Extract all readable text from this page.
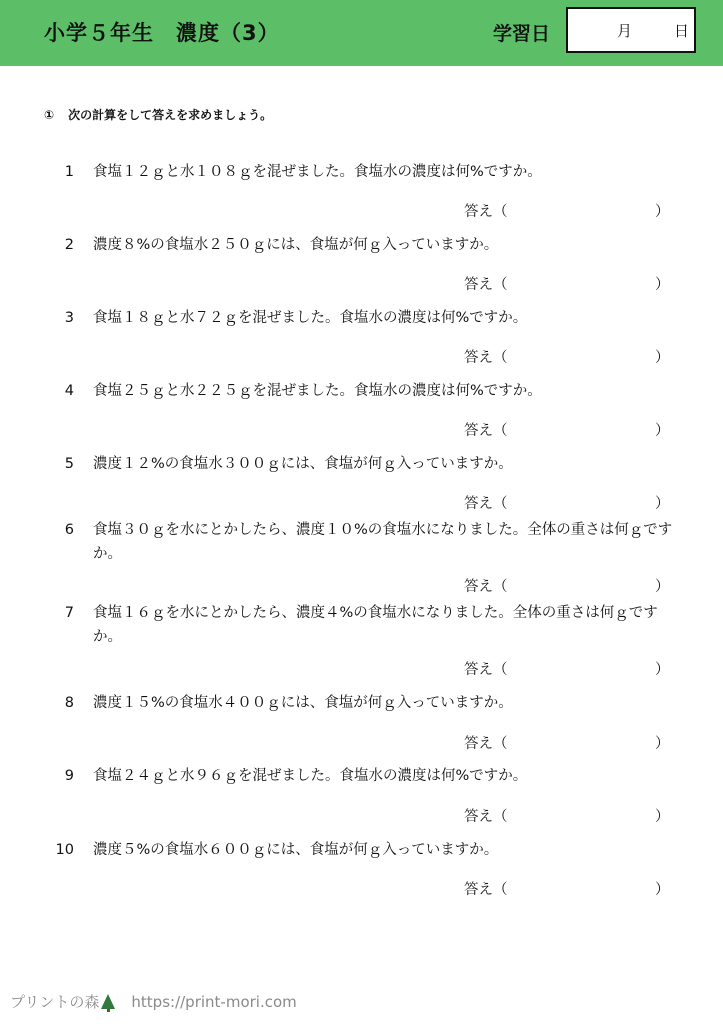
小学５年生　濃度（3）	学習日	月	日
① 次の計算をして答えを求めましょう。
1 食塩１２ｇと水１０８ｇを混ぜました。食塩水の濃度は何%ですか。
答え（	）
2 濃度８%の食塩水２５０ｇには、食塩が何ｇ入っていますか。
答え（	）
3 食塩１８ｇと水７２ｇを混ぜました。食塩水の濃度は何%ですか。
答え（	）
4 食塩２５ｇと水２２５ｇを混ぜました。食塩水の濃度は何%ですか。
答え（	）
5 濃度１２%の食塩水３００ｇには、食塩が何ｇ入っていますか。
答え（	）
6 食塩３０ｇを水にとかしたら、濃度１０%の食塩水になりました。全体の重さは何ｇですか。
答え（	）
7 食塩１６ｇを水にとかしたら、濃度４%の食塩水になりました。全体の重さは何ｇですか。
答え（	）
8 濃度１５%の食塩水４００ｇには、食塩が何ｇ入っていますか。
答え（	）
9 食塩２４ｇと水９６ｇを混ぜました。食塩水の濃度は何%ですか。
答え（	）
10 濃度５%の食塩水６００ｇには、食塩が何ｇ入っていますか。
答え（	）
プリントの森 https://print-mori.com
